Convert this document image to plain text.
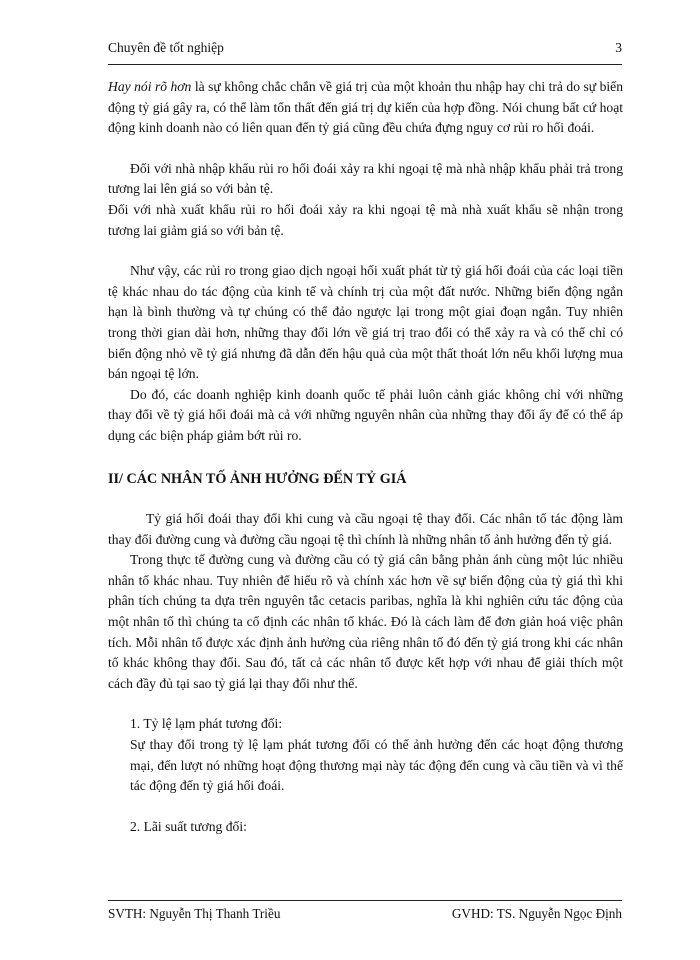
Chuyên đề tốt nghiệp	3

Hay nói rõ hơn là sự không chắc chắn về giá trị của một khoản thu nhập hay chi trả do sự biến động tỷ giá gây ra, có thể làm tổn thất đến giá trị dự kiến của hợp đồng. Nói chung bất cứ hoạt động kinh doanh nào có liên quan đến tỷ giá cũng đều chứa đựng nguy cơ rủi ro hối đoái.

Đối với nhà nhập khẩu rủi ro hối đoái xảy ra khi ngoại tệ mà nhà nhập khẩu phải trả trong tương lai lên giá so với bản tệ.

Đối với nhà xuất khẩu rủi ro hối đoái xảy ra khi ngoại tệ mà nhà xuất khẩu sẽ nhận trong tương lai giảm giá so với bản tệ.

Như vậy, các rủi ro trong giao dịch ngoại hối xuất phát từ tỷ giá hối đoái của các loại tiền tệ khác nhau do tác động của kinh tế và chính trị của một đất nước. Những biến động ngắn hạn là bình thường và tự chúng có thể đảo ngược lại trong một giai đoạn ngắn. Tuy nhiên trong thời gian dài hơn, những thay đổi lớn về giá trị trao đổi có thể xảy ra và có thể chỉ có biến động nhỏ về tỷ giá nhưng đã dẫn đến hậu quả của một thất thoát lớn nếu khối lượng mua bán ngoại tệ lớn.

Do đó, các doanh nghiệp kinh doanh quốc tế phải luôn cảnh giác không chỉ với những thay đổi về tỷ giá hối đoái mà cả với những nguyên nhân của những thay đổi ấy để có thể áp dụng các biện pháp giảm bớt rủi ro.

II/ CÁC NHÂN TỐ ẢNH HƯỞNG ĐẾN TỶ GIÁ

Tỷ giá hối đoái thay đổi khi cung và cầu ngoại tệ thay đổi. Các nhân tố tác động làm thay đổi đường cung và đường cầu ngoại tệ thì chính là những nhân tố ảnh hưởng đến tỷ giá.

Trong thực tế đường cung và đường cầu có tỷ giá cân bằng phản ánh cùng một lúc nhiều nhân tố khác nhau. Tuy nhiên để hiểu rõ và chính xác hơn về sự biến động của tỷ giá thì khi phân tích chúng ta dựa trên nguyên tắc cetacis paribas, nghĩa là khi nghiên cứu tác động của một nhân tố thì chúng ta cố định các nhân tố khác. Đó là cách làm để đơn giản hoá việc phân tích. Mỗi nhân tố được xác định ảnh hưởng của riêng nhân tố đó đến tỷ giá trong khi các nhân tố khác không thay đổi. Sau đó, tất cả các nhân tố được kết hợp với nhau để giải thích một cách đầy đủ tại sao tỷ giá lại thay đổi như thế.

1. Tỷ lệ lạm phát tương đối:

Sự thay đổi trong tỷ lệ lạm phát tương đối có thể ảnh hưởng đến các hoạt động thương mại, đến lượt nó những hoạt động thương mại này tác động đến cung và cầu tiền và vì thế tác động đến tỷ giá hối đoái.

2. Lãi suất tương đối:
SVTH: Nguyễn Thị Thanh Triều	GVHD: TS. Nguyễn Ngọc Định
